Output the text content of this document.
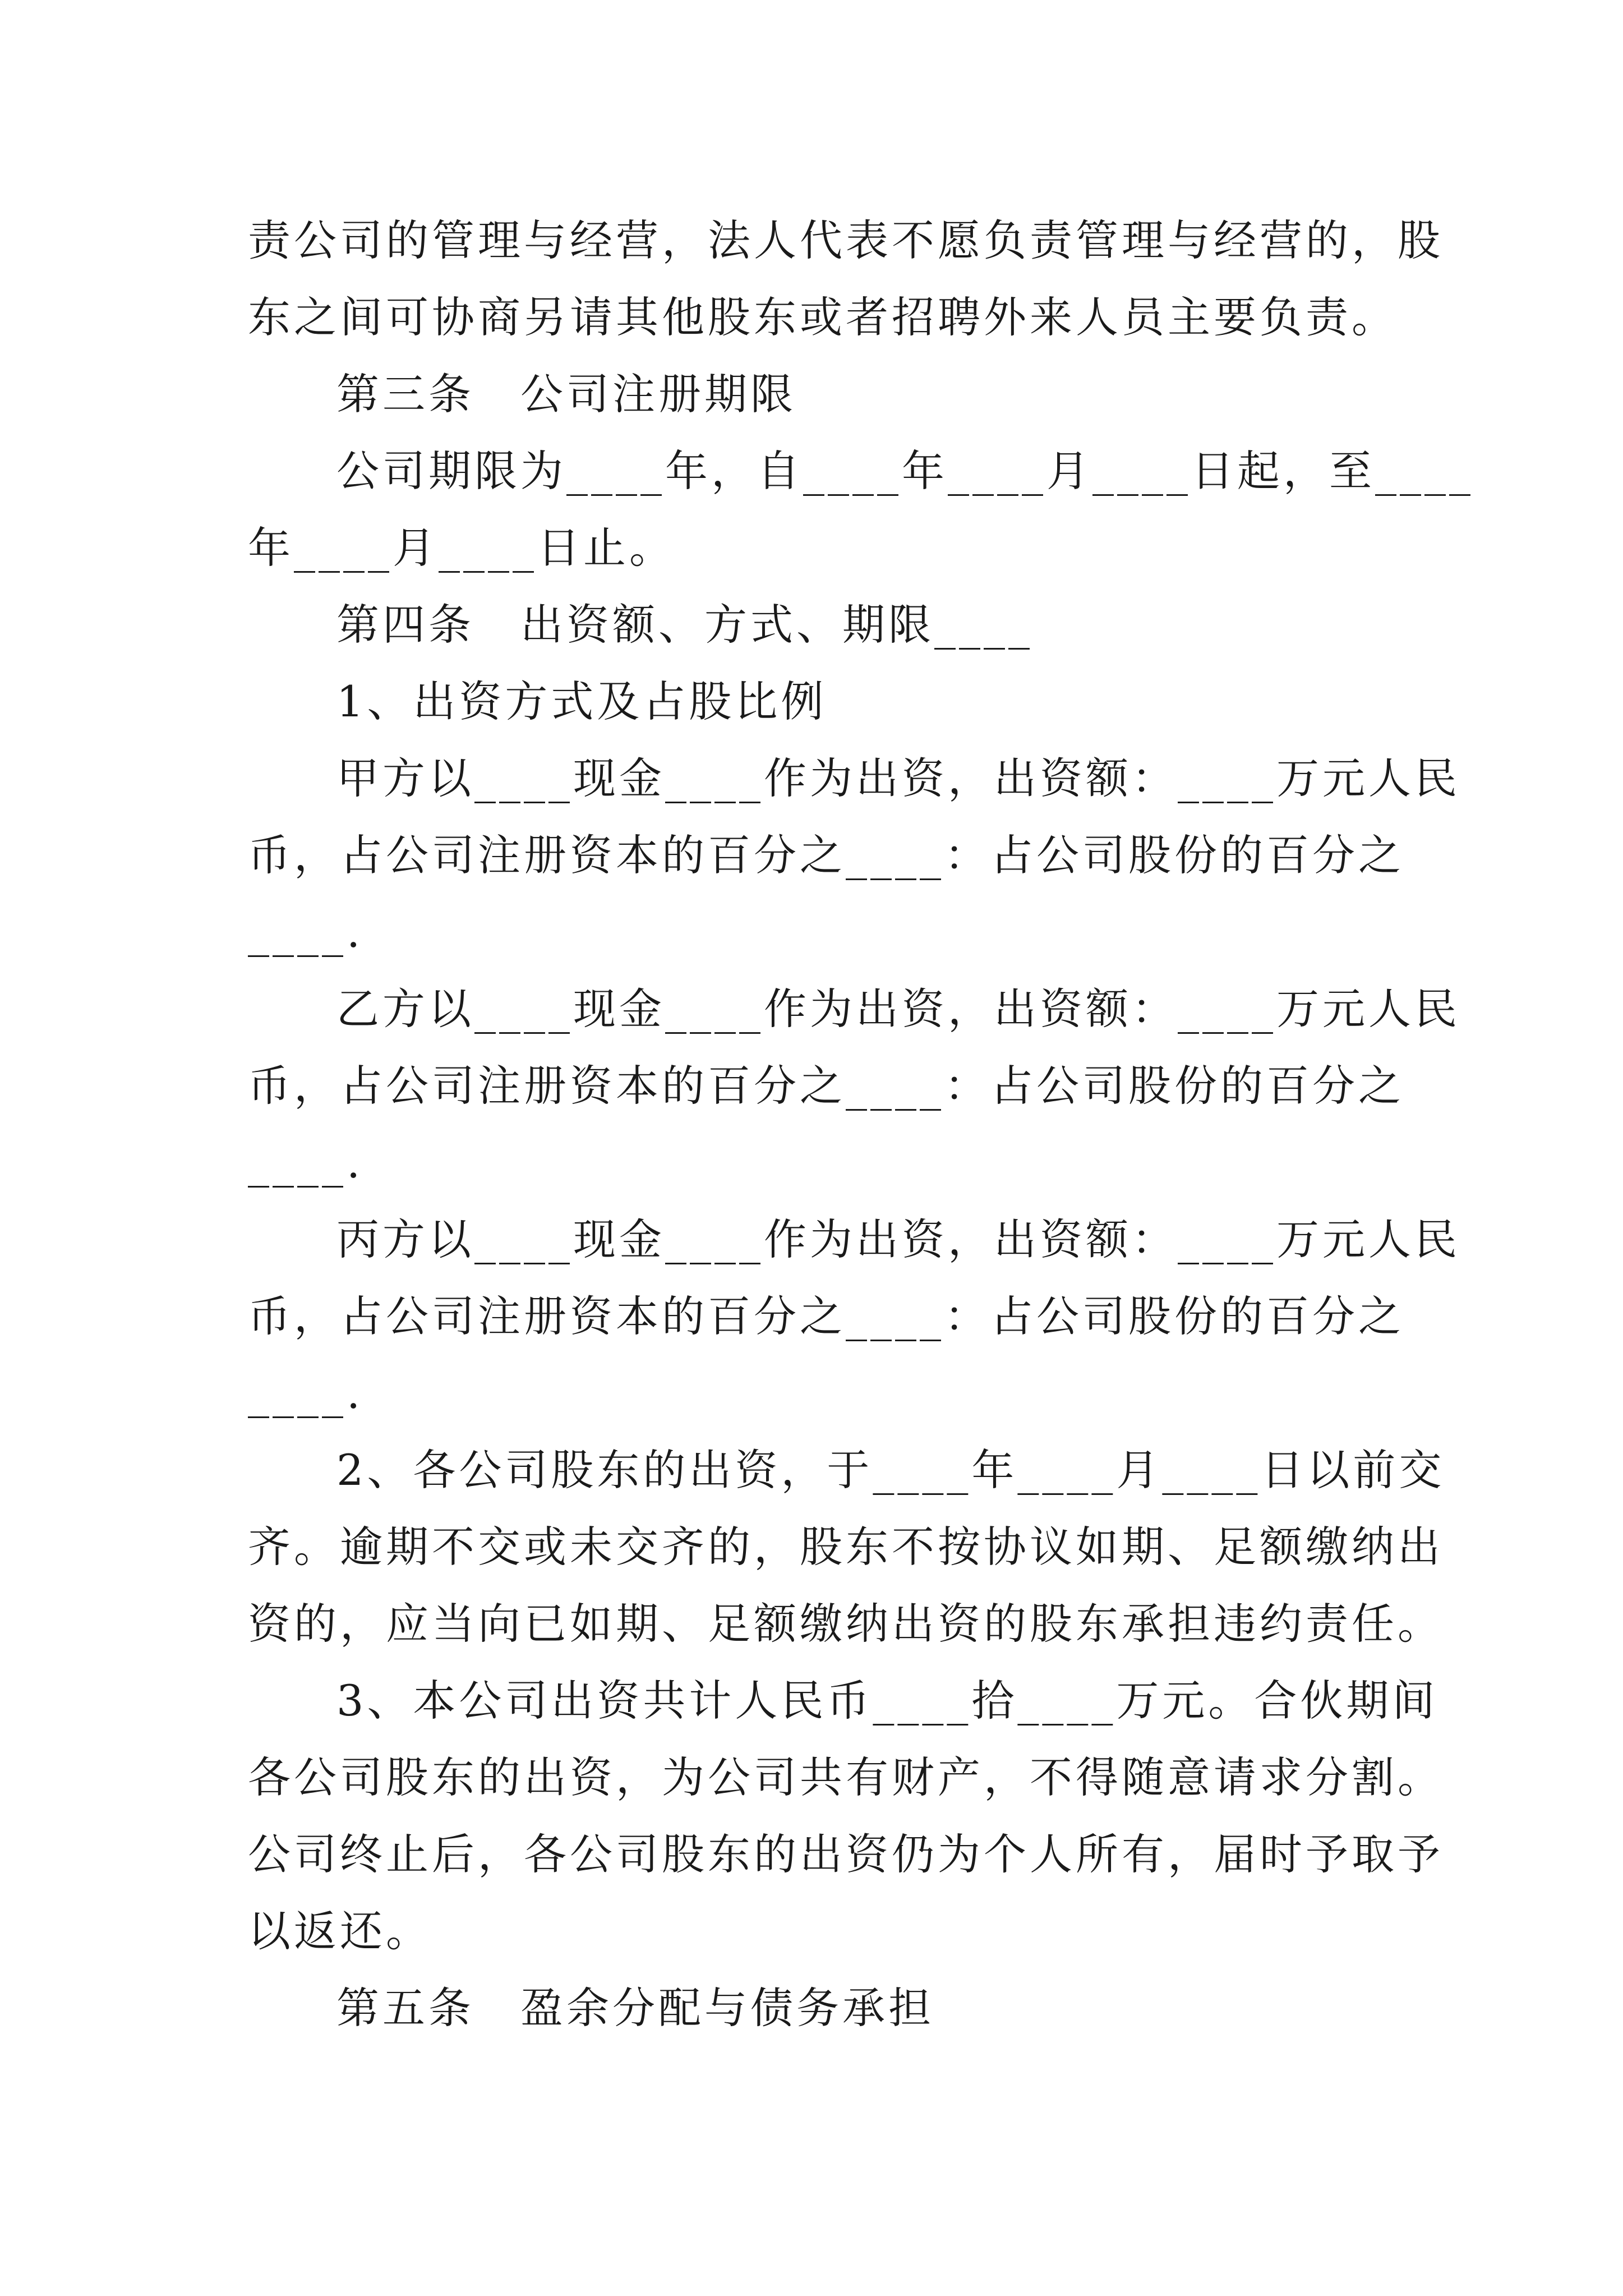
责公司的管理与经营，法人代表不愿负责管理与经营的，股
东之间可协商另请其他股东或者招聘外来人员主要负责。
第三条　公司注册期限
公司期限为____年，自____年____月____日起，至____
年____月____日止。
第四条　出资额、方式、期限____
1、出资方式及占股比例
甲方以____现金____作为出资，出资额：____万元人民
币，占公司注册资本的百分之____：占公司股份的百分之
____.
乙方以____现金____作为出资，出资额：____万元人民
币，占公司注册资本的百分之____：占公司股份的百分之
____.
丙方以____现金____作为出资，出资额：____万元人民
币，占公司注册资本的百分之____：占公司股份的百分之
____.
2、各公司股东的出资，于____年____月____日以前交
齐。逾期不交或未交齐的，股东不按协议如期、足额缴纳出
资的，应当向已如期、足额缴纳出资的股东承担违约责任。
3、本公司出资共计人民币____拾____万元。合伙期间
各公司股东的出资，为公司共有财产，不得随意请求分割。
公司终止后，各公司股东的出资仍为个人所有，届时予取予
以返还。
第五条　盈余分配与债务承担
